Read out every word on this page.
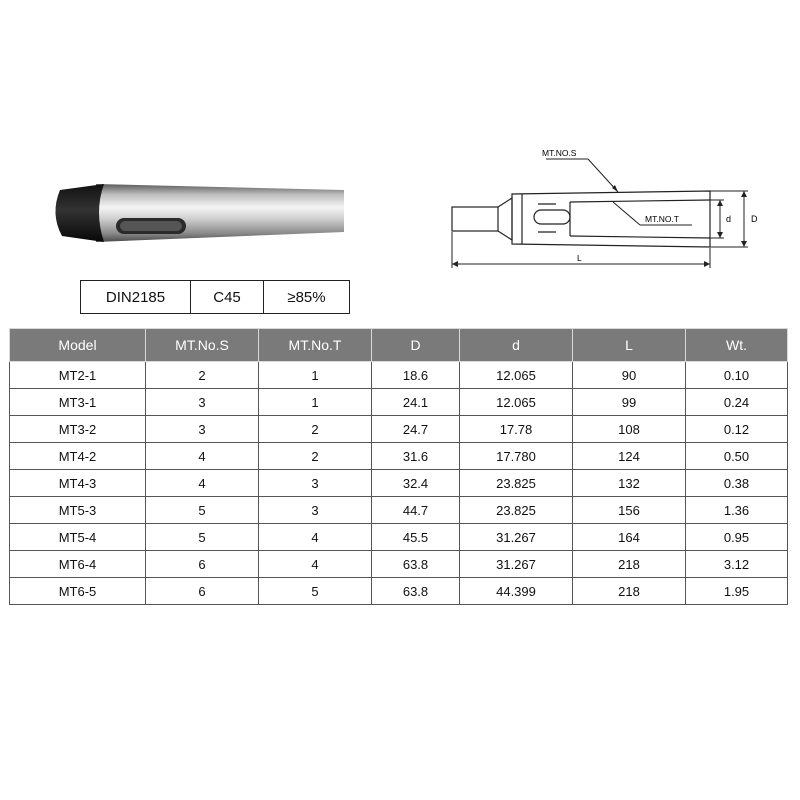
DIN2185	C45	≥85%
MT.NO.S
MT.NO.T	d D
L
Model	MT.No.S	MT.No.T	D	d	L	Wt.
MT2-1	2	1	18.6	12.065	90	0.10
MT3-1	3	1	24.1	12.065	99	0.24
MT3-2	3	2	24.7	17.78	108	0.12
MT4-2	4	2	31.6	17.780	124	0.50
MT4-3	4	3	32.4	23.825	132	0.38
MT5-3	5	3	44.7	23.825	156	1.36
MT5-4	5	4	45.5	31.267	164	0.95
MT6-4	6	4	63.8	31.267	218	3.12
MT6-5	6	5	63.8	44.399	218	1.95
